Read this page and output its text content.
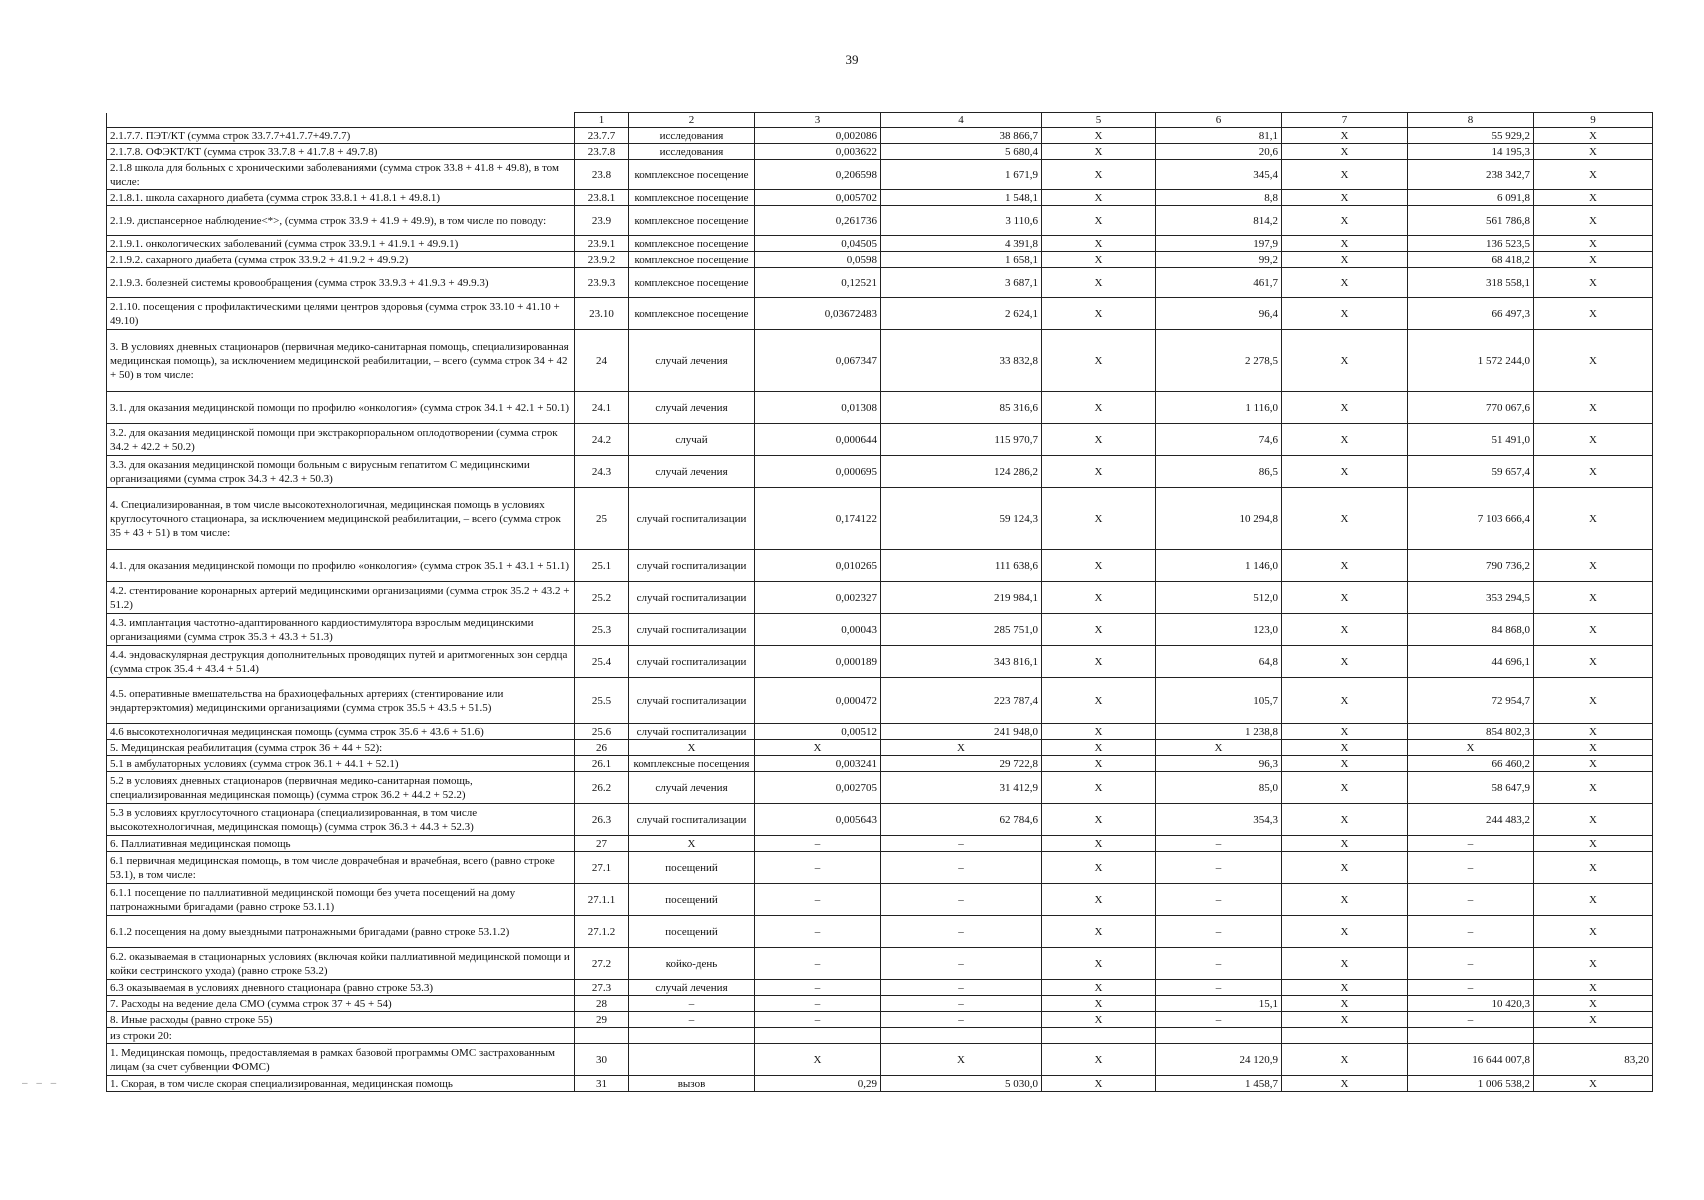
39
– – –
	1	2	3	4	5	6	7	8	9
2.1.7.7. ПЭТ/КТ (сумма строк 33.7.7+41.7.7+49.7.7)	23.7.7	исследования	0,002086	38 866,7	X	81,1	X	55 929,2	X
2.1.7.8. ОФЭКТ/КТ (сумма строк 33.7.8 + 41.7.8 + 49.7.8)	23.7.8	исследования	0,003622	5 680,4	X	20,6	X	14 195,3	X
2.1.8 школа для больных с хроническими заболеваниями (сумма строк 33.8 + 41.8 + 49.8), в том числе:	23.8	комплексное посещение	0,206598	1 671,9	X	345,4	X	238 342,7	X
2.1.8.1. школа сахарного диабета (сумма строк 33.8.1 + 41.8.1 + 49.8.1)	23.8.1	комплексное посещение	0,005702	1 548,1	X	8,8	X	6 091,8	X
2.1.9. диспансерное наблюдение<*>, (сумма строк 33.9 + 41.9 + 49.9), в том числе по поводу:	23.9	комплексное посещение	0,261736	3 110,6	X	814,2	X	561 786,8	X
2.1.9.1. онкологических заболеваний (сумма строк 33.9.1 + 41.9.1 + 49.9.1)	23.9.1	комплексное посещение	0,04505	4 391,8	X	197,9	X	136 523,5	X
2.1.9.2. сахарного диабета (сумма строк 33.9.2 + 41.9.2 + 49.9.2)	23.9.2	комплексное посещение	0,0598	1 658,1	X	99,2	X	68 418,2	X
2.1.9.3. болезней системы кровообращения (сумма строк 33.9.3 + 41.9.3 + 49.9.3)	23.9.3	комплексное посещение	0,12521	3 687,1	X	461,7	X	318 558,1	X
2.1.10. посещения с профилактическими целями центров здоровья (сумма строк 33.10 + 41.10 + 49.10)	23.10	комплексное посещение	0,03672483	2 624,1	X	96,4	X	66 497,3	X
3. В условиях дневных стационаров (первичная медико-санитарная помощь, специализированная медицинская помощь), за исключением медицинской реабилитации, – всего (сумма строк 34 + 42 + 50) в том числе:	24	случай лечения	0,067347	33 832,8	X	2 278,5	X	1 572 244,0	X
3.1. для оказания медицинской помощи по профилю «онкология» (сумма строк 34.1 + 42.1 + 50.1)	24.1	случай лечения	0,01308	85 316,6	X	1 116,0	X	770 067,6	X
3.2. для оказания медицинской помощи при экстракорпоральном оплодотворении (сумма строк 34.2 + 42.2 + 50.2)	24.2	случай	0,000644	115 970,7	X	74,6	X	51 491,0	X
3.3. для оказания медицинской помощи больным с вирусным гепатитом С медицинскими организациями (сумма строк 34.3 + 42.3 + 50.3)	24.3	случай лечения	0,000695	124 286,2	X	86,5	X	59 657,4	X
4. Специализированная, в том числе высокотехнологичная, медицинская помощь в условиях круглосуточного стационара, за исключением медицинской реабилитации, – всего (сумма строк 35 + 43 + 51) в том числе:	25	случай госпитализации	0,174122	59 124,3	X	10 294,8	X	7 103 666,4	X
4.1. для оказания медицинской помощи по профилю «онкология» (сумма строк 35.1 + 43.1 + 51.1)	25.1	случай госпитализации	0,010265	111 638,6	X	1 146,0	X	790 736,2	X
4.2. стентирование коронарных артерий медицинскими организациями (сумма строк 35.2 + 43.2 + 51.2)	25.2	случай госпитализации	0,002327	219 984,1	X	512,0	X	353 294,5	X
4.3. имплантация частотно-адаптированного кардиостимулятора взрослым медицинскими организациями (сумма строк 35.3 + 43.3 + 51.3)	25.3	случай госпитализации	0,00043	285 751,0	X	123,0	X	84 868,0	X
4.4. эндоваскулярная деструкция дополнительных проводящих путей и аритмогенных зон сердца (сумма строк 35.4 + 43.4 + 51.4)	25.4	случай госпитализации	0,000189	343 816,1	X	64,8	X	44 696,1	X
4.5. оперативные вмешательства на брахиоцефальных артериях (стентирование или эндартерэктомия) медицинскими организациями (сумма строк 35.5 + 43.5 + 51.5)	25.5	случай госпитализации	0,000472	223 787,4	X	105,7	X	72 954,7	X
4.6 высокотехнологичная медицинская помощь (сумма строк 35.6 + 43.6 + 51.6)	25.6	случай госпитализации	0,00512	241 948,0	X	1 238,8	X	854 802,3	X
5. Медицинская реабилитация (сумма строк 36 + 44 + 52):	26	X	X	X	X	X	X	X	X
5.1 в амбулаторных условиях (сумма строк 36.1 + 44.1 + 52.1)	26.1	комплексные посещения	0,003241	29 722,8	X	96,3	X	66 460,2	X
5.2 в условиях дневных стационаров (первичная медико-санитарная помощь, специализированная медицинская помощь) (сумма строк 36.2 + 44.2 + 52.2)	26.2	случай лечения	0,002705	31 412,9	X	85,0	X	58 647,9	X
5.3 в условиях круглосуточного стационара (специализированная, в том числе высокотехнологичная, медицинская помощь) (сумма строк 36.3 + 44.3 + 52.3)	26.3	случай госпитализации	0,005643	62 784,6	X	354,3	X	244 483,2	X
6. Паллиативная медицинская помощь	27	X	–	–	X	–	X	–	X
6.1 первичная медицинская помощь, в том числе доврачебная и врачебная, всего (равно строке 53.1), в том числе:	27.1	посещений	–	–	X	–	X	–	X
6.1.1 посещение по паллиативной медицинской помощи без учета посещений на дому патронажными бригадами (равно строке 53.1.1)	27.1.1	посещений	–	–	X	–	X	–	X
6.1.2 посещения на дому выездными патронажными бригадами (равно строке 53.1.2)	27.1.2	посещений	–	–	X	–	X	–	X
6.2. оказываемая в стационарных условиях (включая койки паллиативной медицинской помощи и койки сестринского ухода) (равно строке 53.2)	27.2	койко-день	–	–	X	–	X	–	X
6.3 оказываемая в условиях дневного стационара (равно строке 53.3)	27.3	случай лечения	–	–	X	–	X	–	X
7. Расходы на ведение дела СМО (сумма строк 37 + 45 + 54)	28	–	–	–	X	15,1	X	10 420,3	X
8. Иные расходы (равно строке 55)	29	–	–	–	X	–	X	–	X
из строки 20:									
1. Медицинская помощь, предоставляемая в рамках базовой программы ОМС застрахованным лицам (за счет субвенции ФОМС)	30		X	X	X	24 120,9	X	16 644 007,8	83,20
1. Скорая, в том числе скорая специализированная, медицинская помощь	31	вызов	0,29	5 030,0	X	1 458,7	X	1 006 538,2	X
